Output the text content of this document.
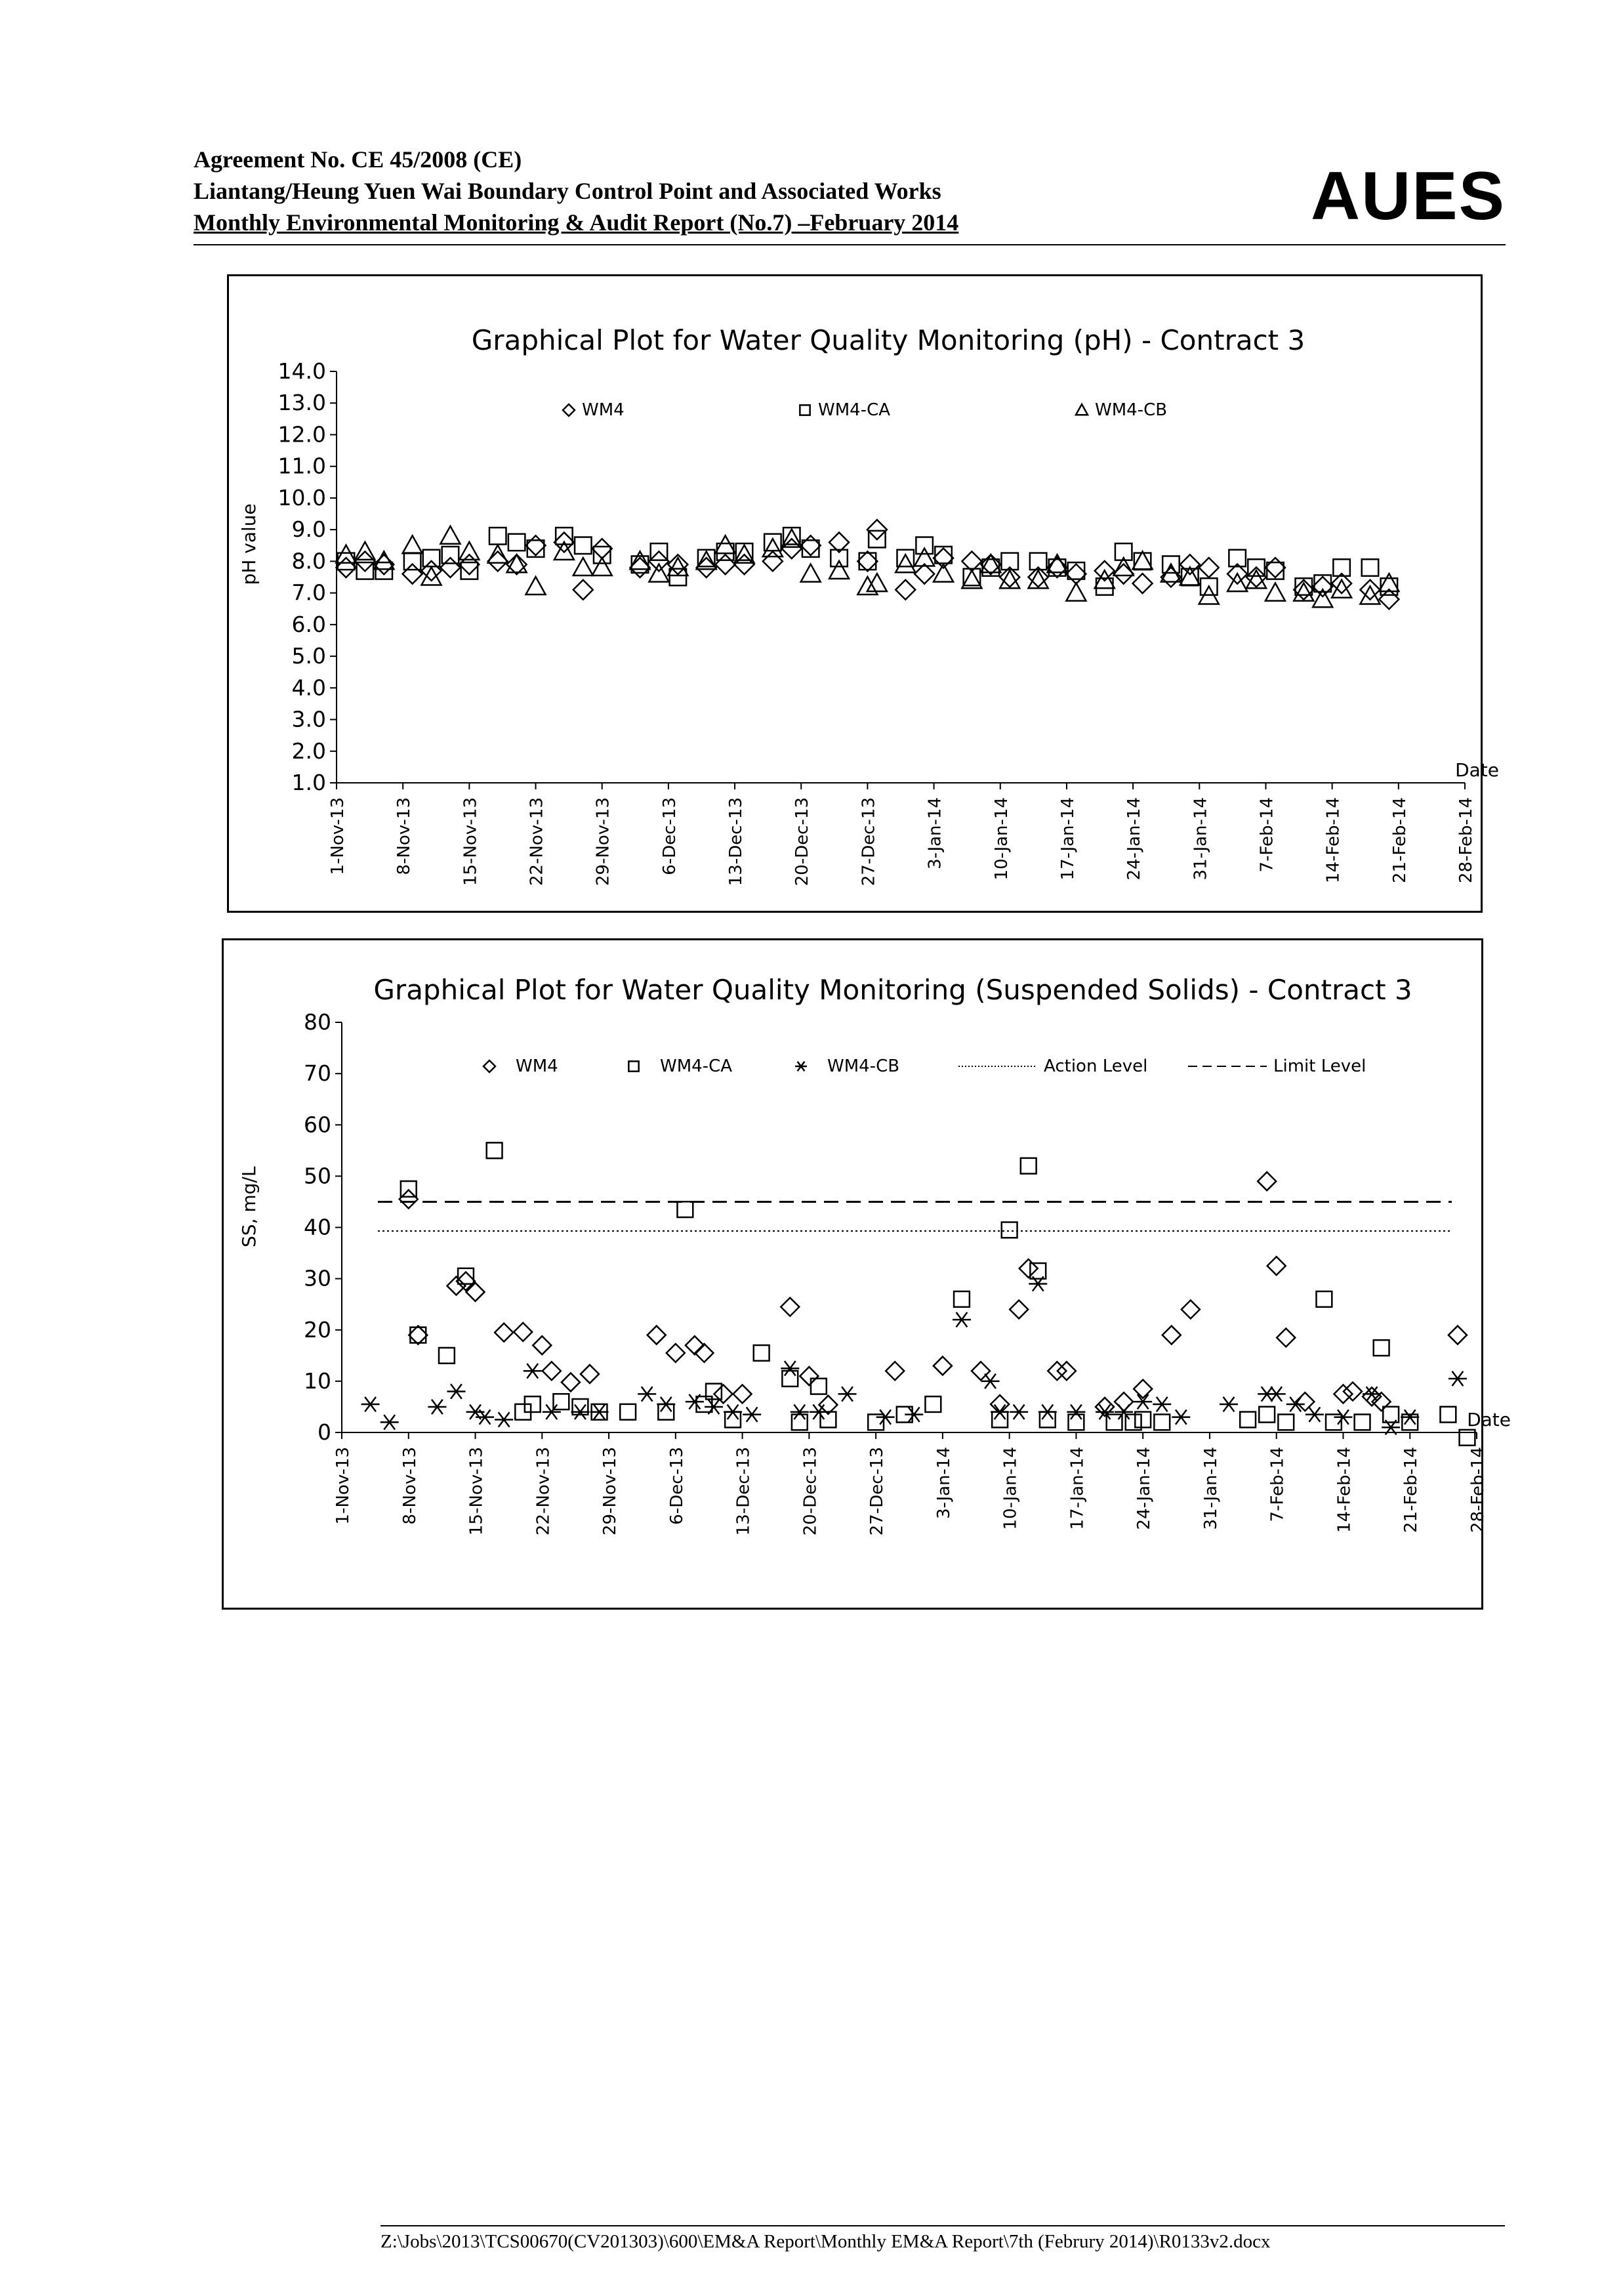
Agreement No. CE 45/2008 (CE)
Liantang/Heung Yuen Wai Boundary Control Point and Associated Works
Monthly Environmental Monitoring & Audit Report (No.7) –February 2014	AUES
Graphical Plot for Water Quality Monitoring (pH) - Contract 3
1.0
2.0
3.0
4.0
5.0
6.0
7.0
8.0
9.0
10.0
11.0
12.0
13.0
14.0
pH value
1-Nov-13	8-Nov-13	15-Nov-13	22-Nov-13	29-Nov-13	6-Dec-13	13-Dec-13	20-Dec-13	27-Dec-13	3-Jan-14	10-Jan-14	17-Jan-14	24-Jan-14	31-Jan-14	7-Feb-14	14-Feb-14	21-Feb-14	28-Feb-14
Date
WM4	WM4-CA	WM4-CB
Graphical Plot for Water Quality Monitoring (Suspended Solids) - Contract 3
0
10
20
30
40
50
60
70
80
SS, mg/L
1-Nov-13	8-Nov-13	15-Nov-13	22-Nov-13	29-Nov-13	6-Dec-13	13-Dec-13	20-Dec-13	27-Dec-13	3-Jan-14	10-Jan-14	17-Jan-14	24-Jan-14	31-Jan-14	7-Feb-14	14-Feb-14	21-Feb-14	28-Feb-14
Date
WM4	WM4-CA	WM4-CB	Action Level	Limit Level
Z:\Jobs\2013\TCS00670(CV201303)\600\EM&A Report\Monthly EM&A Report\7th (Februry 2014)\R0133v2.docx
